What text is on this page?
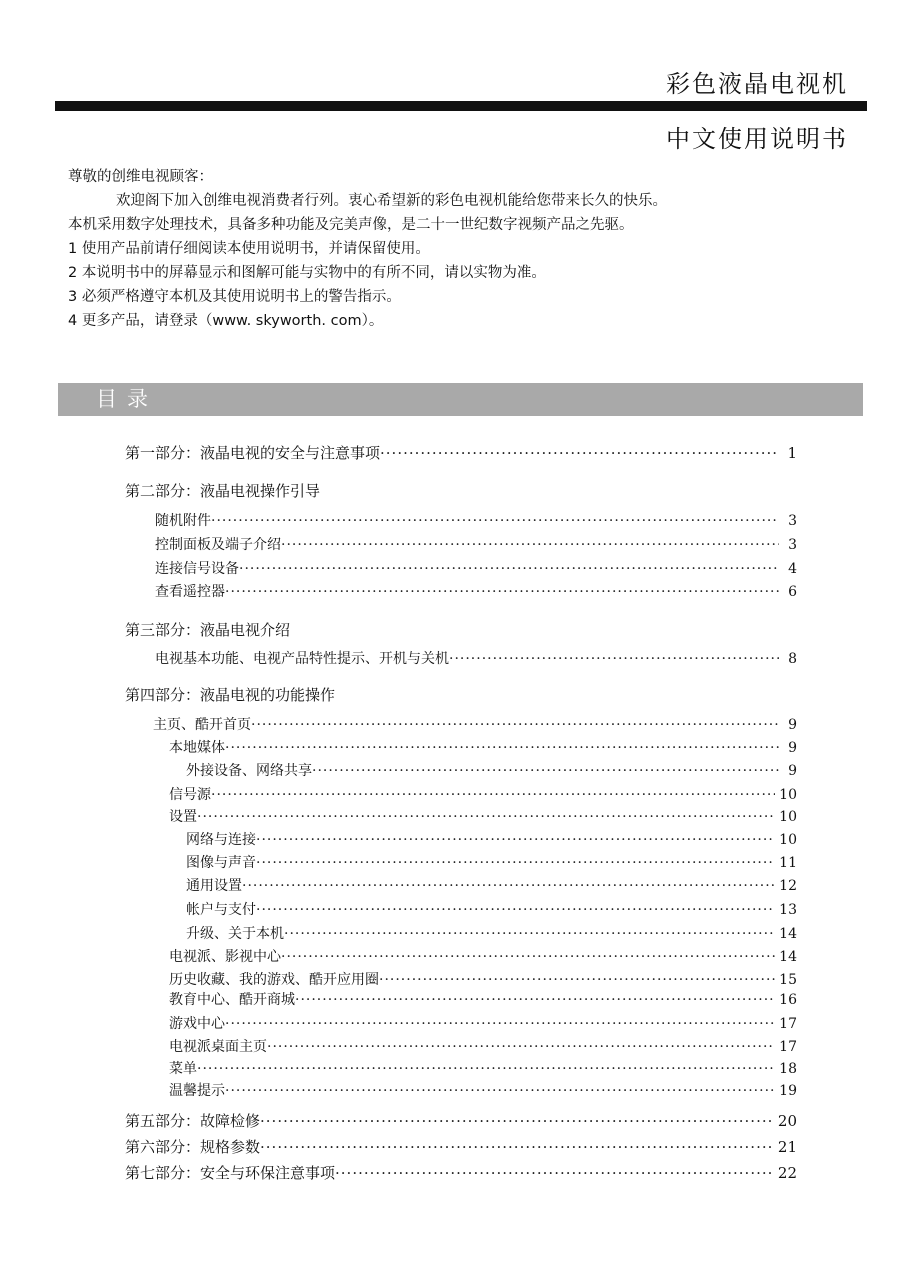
彩色液晶电视机
中文使用说明书
尊敬的创维电视顾客：
欢迎阁下加入创维电视消费者行列。衷心希望新的彩色电视机能给您带来长久的快乐。
本机采用数字处理技术，具备多种功能及完美声像，是二十一世纪数字视频产品之先驱。
1 使用产品前请仔细阅读本使用说明书，并请保留使用。
2 本说明书中的屏幕显示和图解可能与实物中的有所不同，请以实物为准。
3 必须严格遵守本机及其使用说明书上的警告指示。
4 更多产品，请登录（www. skyworth. com）。
目录
第一部分：液晶电视的安全与注意事项 ·····	1
第二部分：液晶电视操作引导
随机附件 ·····	3
控制面板及端子介绍 ·····	3
连接信号设备 ·····	4
查看遥控器 ·····	6
第三部分：液晶电视介绍
电视基本功能、电视产品特性提示、开机与关机 ·····	8
第四部分：液晶电视的功能操作
主页、酷开首页 ·····	9
本地媒体 ·····	9
外接设备、网络共享 ·····	9
信号源 ·····	10
设置 ·····	10
网络与连接 ·····	10
图像与声音 ·····	11
通用设置 ·····	12
帐户与支付 ·····	13
升级、关于本机 ·····	14
电视派、影视中心 ·····	14
历史收藏、我的游戏、酷开应用圈 ·····	15
教育中心、酷开商城 ·····	16
游戏中心 ·····	17
电视派桌面主页 ·····	17
菜单 ·····	18
温馨提示 ·····	19
第五部分：故障检修 ·····	20
第六部分：规格参数 ·····	21
第七部分：安全与环保注意事项 ·····	22
